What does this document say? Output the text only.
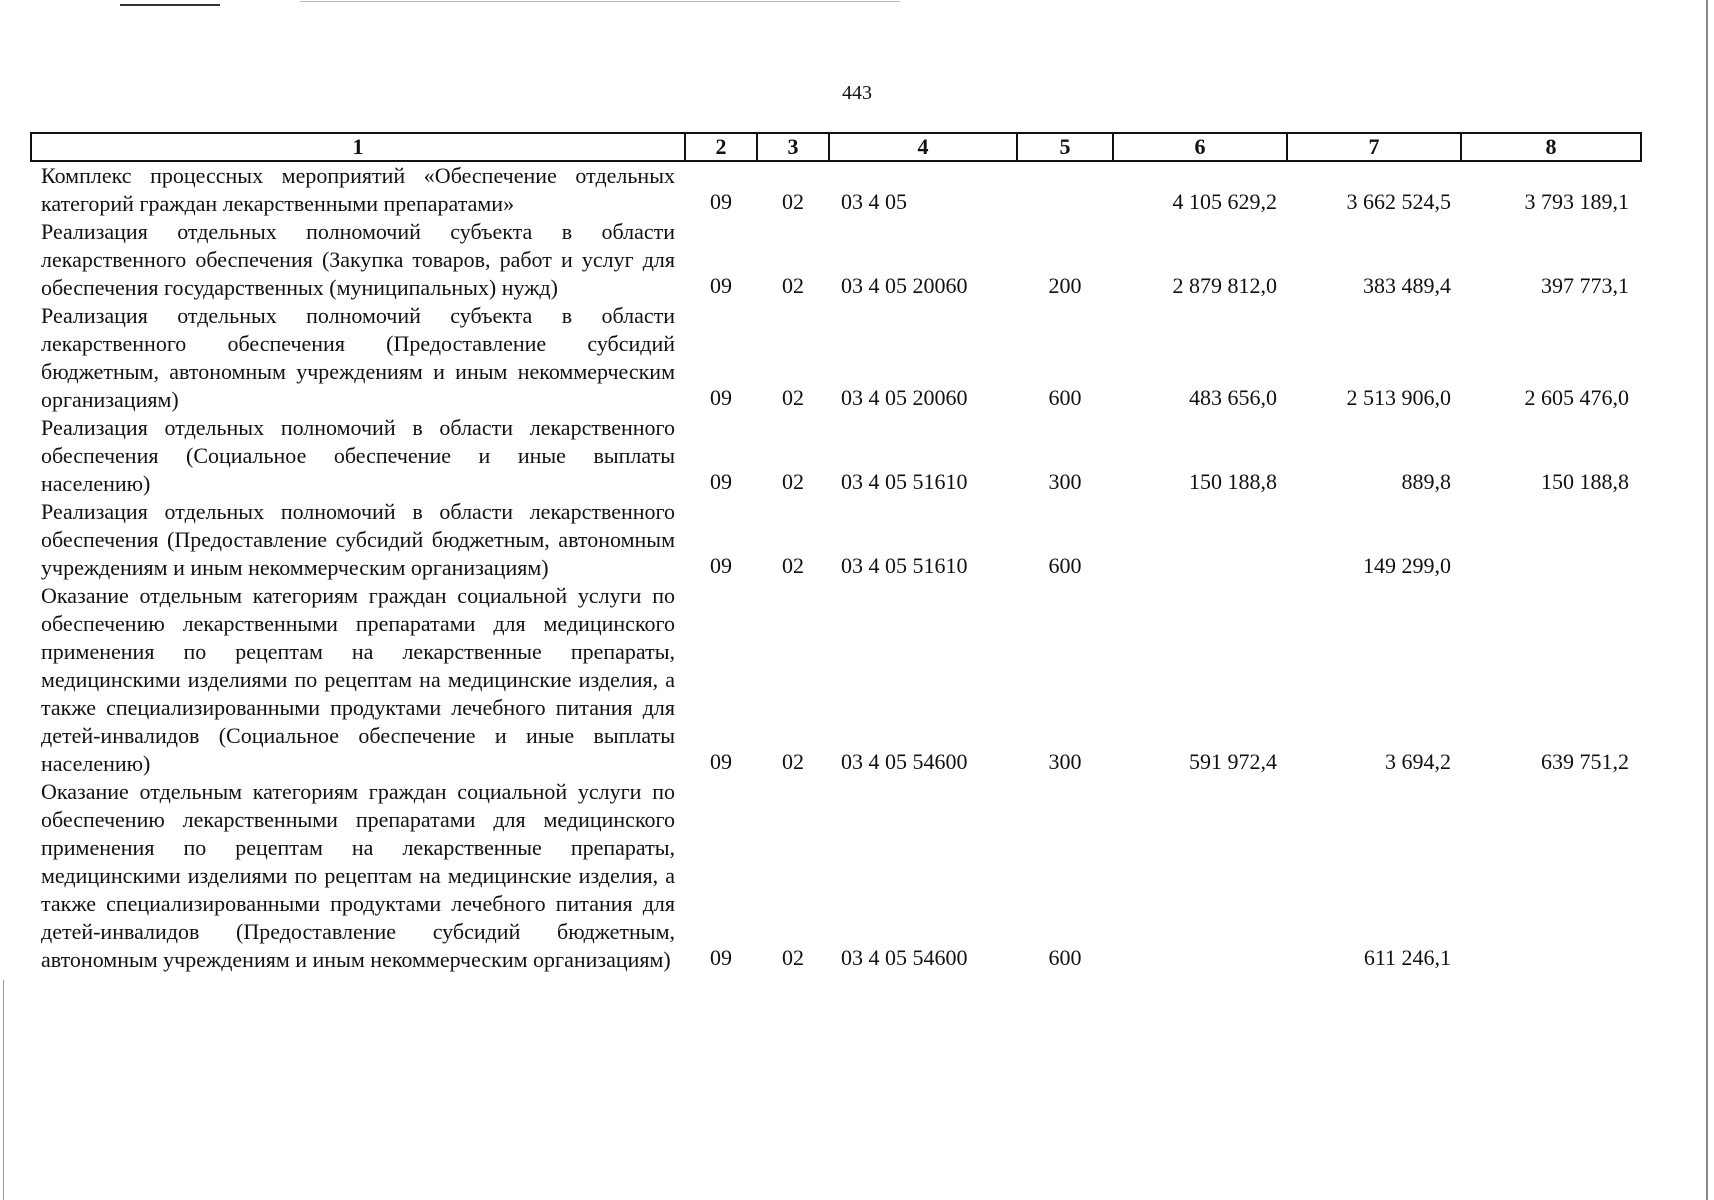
443
1	2	3	4	5	6	7	8
Комплекс процессных мероприятий «Обеспечение отдельных категорий граждан лекарственными препаратами»	09	02	03 4 05		4 105 629,2	3 662 524,5	3 793 189,1
Реализация отдельных полномочий субъекта в области лекарственного обеспечения (Закупка товаров, работ и услуг для обеспечения государственных (муниципальных) нужд)	09	02	03 4 05 20060	200	2 879 812,0	383 489,4	397 773,1
Реализация отдельных полномочий субъекта в области лекарственного обеспечения (Предоставление субсидий бюджетным, автономным учреждениям и иным некоммерческим организациям)	09	02	03 4 05 20060	600	483 656,0	2 513 906,0	2 605 476,0
Реализация отдельных полномочий в области лекарственного обеспечения (Социальное обеспечение и иные выплаты населению)	09	02	03 4 05 51610	300	150 188,8	889,8	150 188,8
Реализация отдельных полномочий в области лекарственного обеспечения (Предоставление субсидий бюджетным, автономным учреждениям и иным некоммерческим организациям)	09	02	03 4 05 51610	600		149 299,0	
Оказание отдельным категориям граждан социальной услуги по обеспечению лекарственными препаратами для медицинского применения по рецептам на лекарственные препараты, медицинскими изделиями по рецептам на медицинские изделия, а также специализированными продуктами лечебного питания для детей-инвалидов (Социальное обеспечение и иные выплаты населению)	09	02	03 4 05 54600	300	591 972,4	3 694,2	639 751,2
Оказание отдельным категориям граждан социальной услуги по обеспечению лекарственными препаратами для медицинского применения по рецептам на лекарственные препараты, медицинскими изделиями по рецептам на медицинские изделия, а также специализированными продуктами лечебного питания для детей-инвалидов (Предоставление субсидий бюджетным, автономным учреждениям и иным некоммерческим организациям)	09	02	03 4 05 54600	600		611 246,1	
